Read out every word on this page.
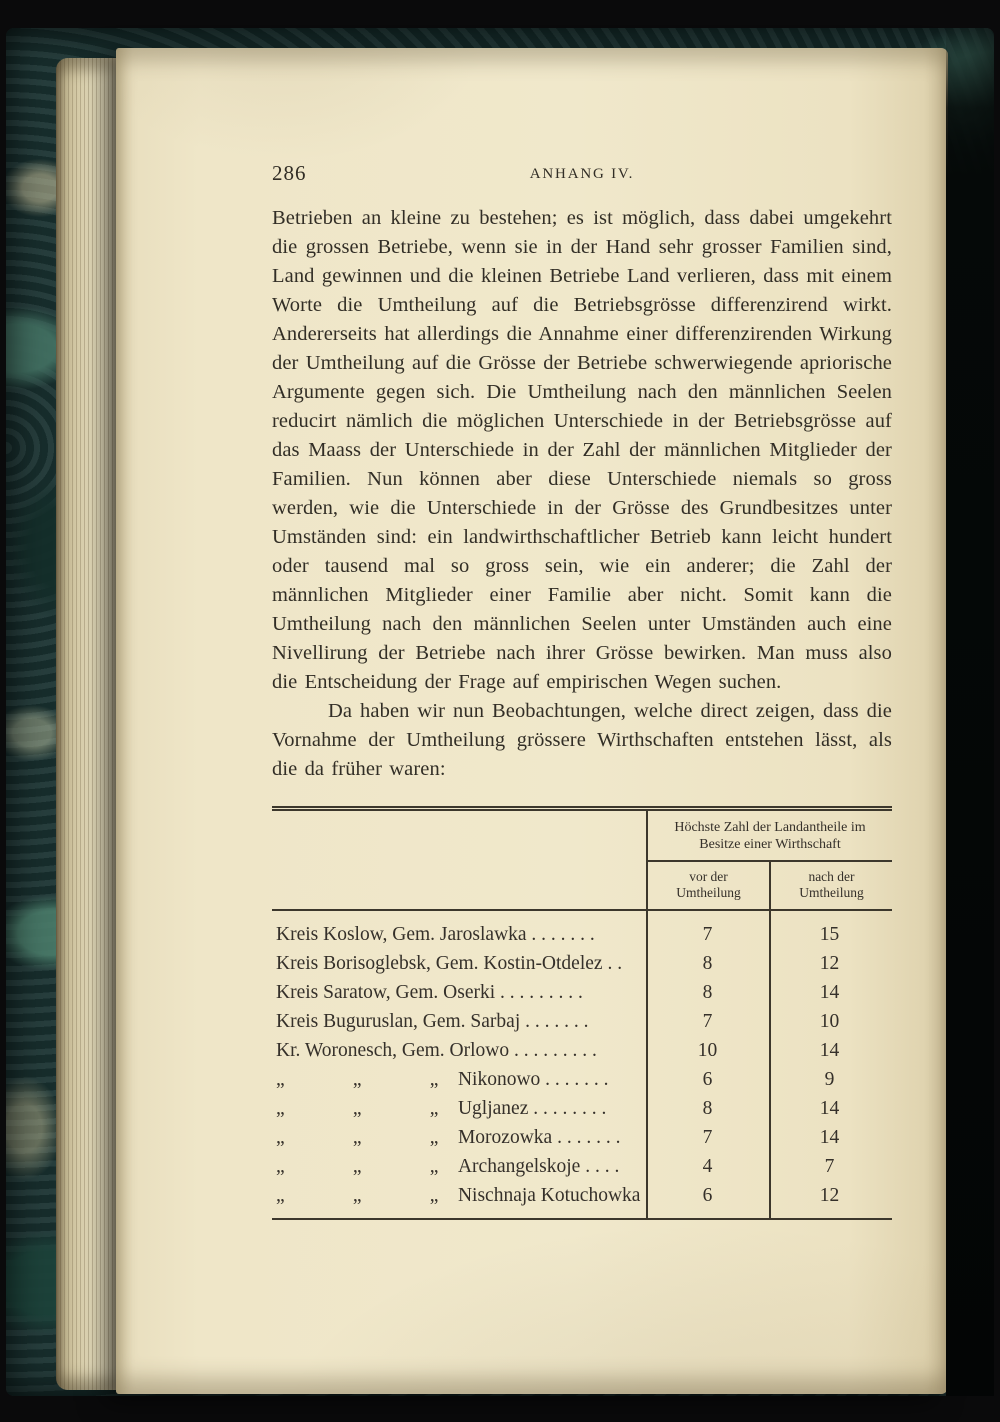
286	ANHANG IV.

Betrieben an kleine zu bestehen; es ist möglich, dass dabei umgekehrt die grossen Betriebe, wenn sie in der Hand sehr grosser Familien sind, Land gewinnen und die kleinen Betriebe Land verlieren, dass mit einem Worte die Umtheilung auf die Betriebsgrösse differenzirend wirkt. Andererseits hat allerdings die Annahme einer differenzirenden Wirkung der Umtheilung auf die Grösse der Betriebe schwerwiegende apriorische Argumente gegen sich. Die Umtheilung nach den männlichen Seelen reducirt nämlich die möglichen Unterschiede in der Betriebsgrösse auf das Maass der Unterschiede in der Zahl der männlichen Mitglieder der Familien. Nun können aber diese Unterschiede niemals so gross werden, wie die Unterschiede in der Grösse des Grundbesitzes unter Umständen sind: ein landwirthschaftlicher Betrieb kann leicht hundert oder tausend mal so gross sein, wie ein anderer; die Zahl der männlichen Mitglieder einer Familie aber nicht. Somit kann die Umtheilung nach den männlichen Seelen unter Umständen auch eine Nivellirung der Betriebe nach ihrer Grösse bewirken. Man muss also die Entscheidung der Frage auf empirischen Wegen suchen.

Da haben wir nun Beobachtungen, welche direct zeigen, dass die Vornahme der Umtheilung grössere Wirthschaften entstehen lässt, als die da früher waren:

Höchste Zahl der Landantheile im Besitze einer Wirthschaft
vor der Umtheilung
nach der Umtheilung
Kreis Koslow, Gem. Jaroslawka . . . . . . .	7	15
Kreis Borisoglebsk, Gem. Kostin-Otdelez . .	8	12
Kreis Saratow, Gem. Oserki . . . . . . . . .	8	14
Kreis Buguruslan, Gem. Sarbaj . . . . . . .	7	10
Kr. Woronesch, Gem. Orlowo . . . . . . . . .	10	14
„    „    „ Nikonowo . . . . . . .	6	9
„    „    „ Ugljanez . . . . . . . .	8	14
„    „    „ Morozowka . . . . . . .	7	14
„    „    „ Archangelskoje . . . .	4	7
„    „    „ Nischnaja Kotuchowka	6	12
